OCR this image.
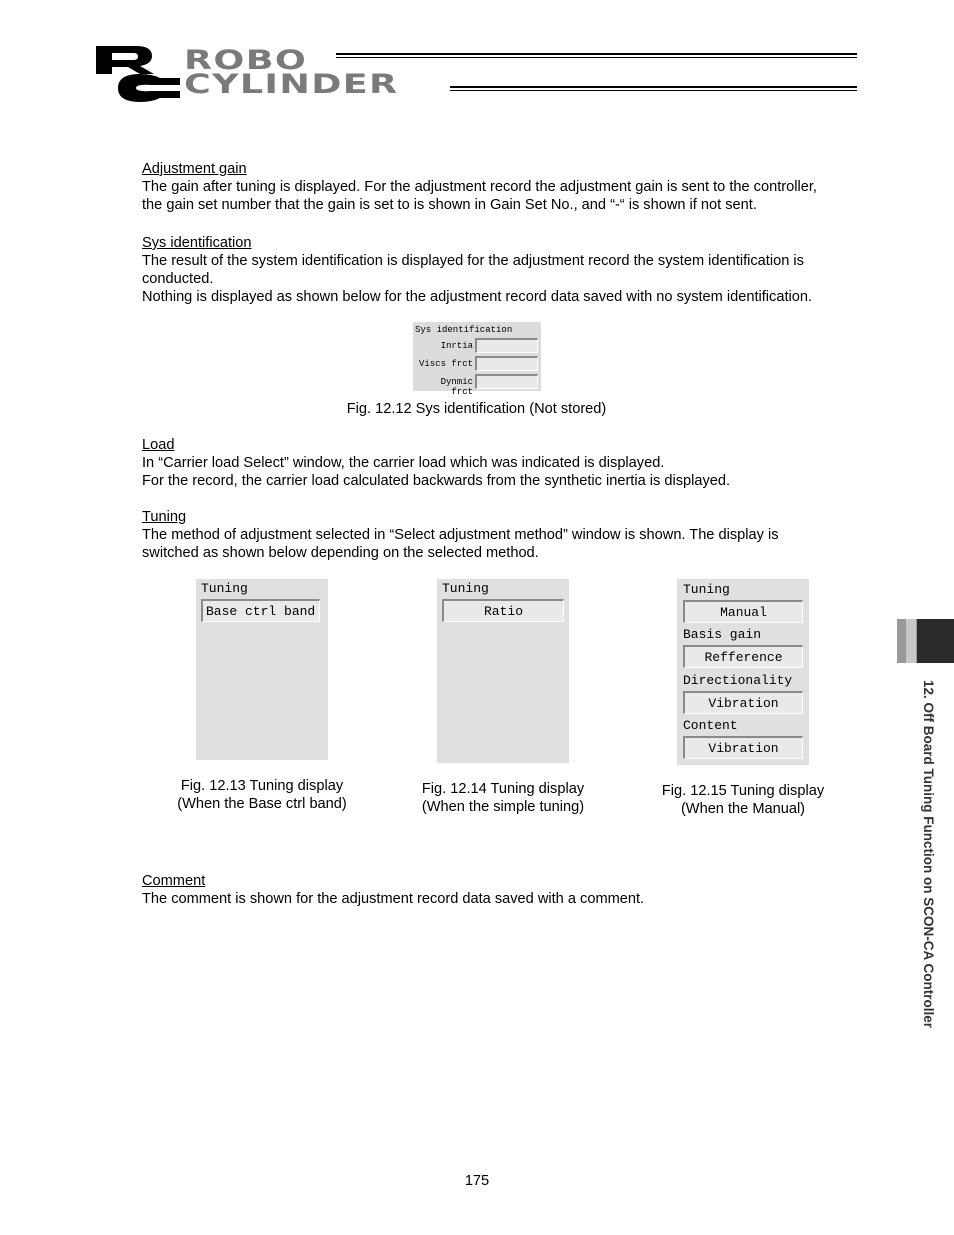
ROBO
CYLINDER
Adjustment gain
The gain after tuning is displayed. For the adjustment record the adjustment gain is sent to the controller,
the gain set number that the gain is set to is shown in Gain Set No., and “-“ is shown if not sent.
Sys identification
The result of the system identification is displayed for the adjustment record the system identification is
conducted.
Nothing is displayed as shown below for the adjustment record data saved with no system identification.
Sys identification
Inrtia
Viscs frct
Dynmic frct
Fig. 12.12 Sys identification (Not stored)
Load
In “Carrier load Select” window, the carrier load which was indicated is displayed.
For the record, the carrier load calculated backwards from the synthetic inertia is displayed.
Tuning
The method of adjustment selected in “Select adjustment method” window is shown. The display is
switched as shown below depending on the selected method.
Tuning
Base ctrl band
Fig. 12.13 Tuning display
(When the Base ctrl band)
Tuning
Ratio
Fig. 12.14 Tuning display
(When the simple tuning)
Tuning
Manual
Basis gain
Refference
Directionality
Vibration
Content
Vibration
Fig. 12.15 Tuning display
(When the Manual)
Comment
The comment is shown for the adjustment record data saved with a comment.	12. Off Board Tuning Function on SCON-CA Controller
175
